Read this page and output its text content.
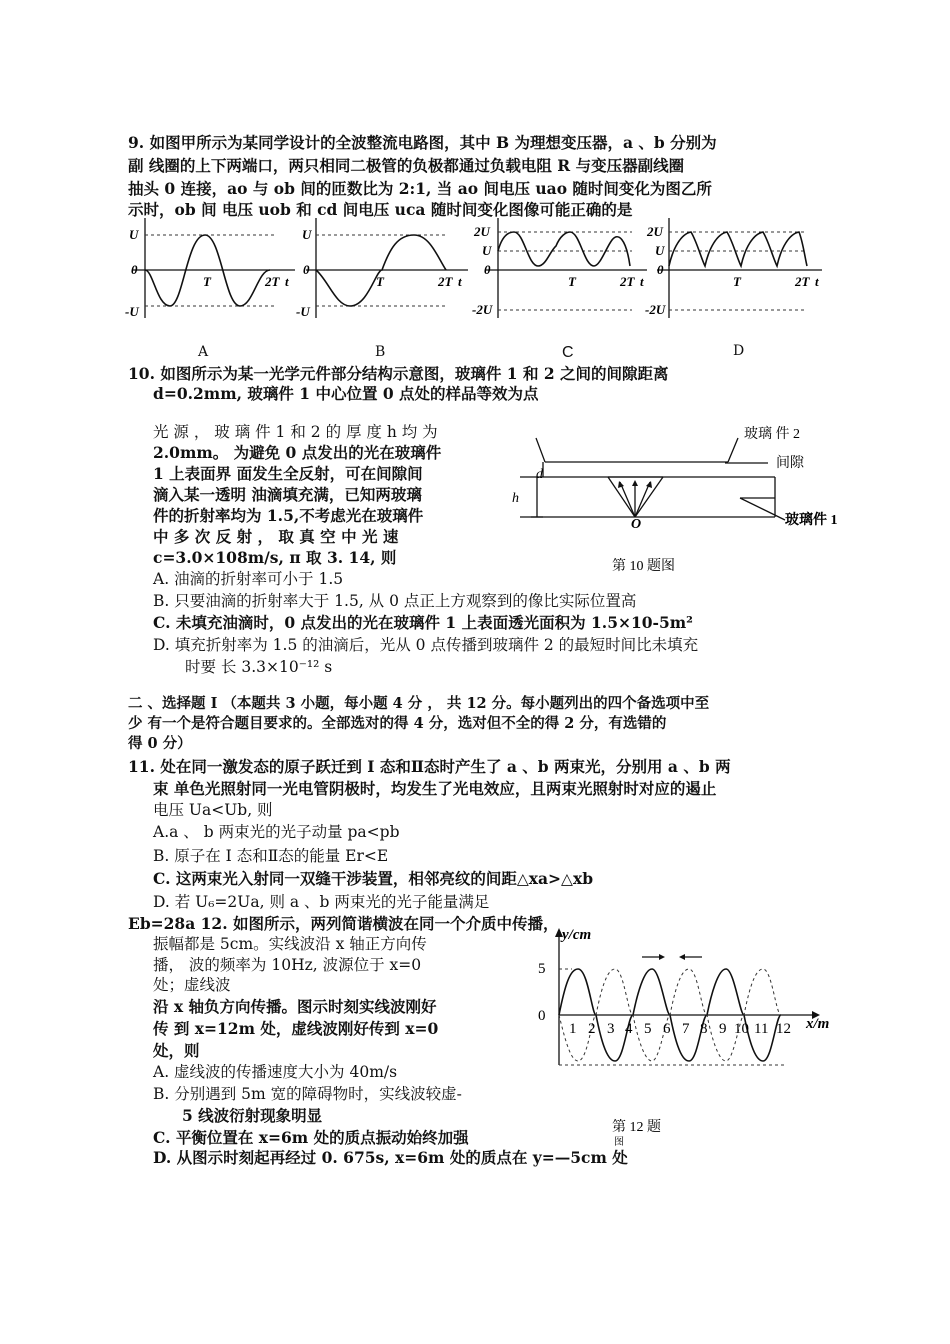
9. 如图甲所示为某同学设计的全波整流电路图，其中 B 为理想变压器，a 、b 分别为
副 线圈的上下两端口，两只相同二极管的负极都通过负载电阻 R 与变压器副线圈
抽头 0 连接，ao 与 ob 间的匝数比为 2:1, 当 ao 间电压 uao 随时间变化为图乙所
示时，ob 间 电压 uob 和 cd 间电压 uca 随时间变化图像可能正确的是
U
0
-U
T	2T t
U
0
-U
T	2T t
2U
U
0
-2U
T	2T t
2U
U
0
-2U
T	2T t
A	B	C	D
10. 如图所示为某一光学元件部分结构示意图，玻璃件 1 和 2 之间的间隙距离
d=0.2mm, 玻璃件 1 中心位置 0 点处的样品等效为点
光 源 ， 玻 璃 件 1 和 2 的 厚 度 h 均 为
2.0mm。 为避免 0 点发出的光在玻璃件
1 上表面界 面发生全反射，可在间隙间
滴入某一透明 油滴填充满，已知两玻璃
件的折射率均为 1.5,不考虑光在玻璃件
中 多 次 反 射 ， 取 真 空 中 光 速
c=3.0×108m/s, π 取 3. 14, 则
玻璃 件 2
间隙
玻璃件 1
d
h
O
第 10 题图
A. 油滴的折射率可小于 1.5
B. 只要油滴的折射率大于 1.5, 从 0 点正上方观察到的像比实际位置高
C. 未填充油滴时，0 点发出的光在玻璃件 1 上表面透光面积为 1.5×10-5m²
D. 填充折射率为 1.5 的油滴后，光从 0 点传播到玻璃件 2 的最短时间比未填充
时要 长 3.3×10⁻¹² s
二 、选择题 I （本题共 3 小题，每小题 4 分 ， 共 12 分。每小题列出的四个备选项中至
少 有一个是符合题目要求的。全部选对的得 4 分，选对但不全的得 2 分，有选错的
得 0 分）
11. 处在同一激发态的原子跃迁到 I 态和Ⅱ态时产生了 a 、b 两束光，分别用 a 、b 两
束 单色光照射同一光电管阴极时，均发生了光电效应，且两束光照射时对应的遏止
电压 Ua<Ub, 则
A.a 、 b 两束光的光子动量 pa<pb
B. 原子在 I 态和Ⅱ态的能量 Er<E
C. 这两束光入射同一双缝干涉装置，相邻亮纹的间距△xa>△xb
D. 若 U₆=2Ua, 则 a 、b 两束光的光子能量满足
Eb=28a 12. 如图所示，两列简谐横波在同一个介质中传播，
振幅都是 5cm。实线波沿 x 轴正方向传
播， 波的频率为 10Hz, 波源位于 x=0
处；虚线波
沿 x 轴负方向传播。图示时刻实线波刚好
传 到 x=12m 处，虚线波刚好传到 x=0
处，则
A. 虚线波的传播速度大小为 40m/s
B. 分别遇到 5m 宽的障碍物时，实线波较虚-
5 线波衍射现象明显
C. 平衡位置在 x=6m 处的质点振动始终加强
D. 从图示时刻起再经过 0. 675s, x=6m 处的质点在 y=—5cm 处
y/cm
x/m
5
0
1 2 3 4 5 6 7 8 9 10 11 12
第 12 题
图
